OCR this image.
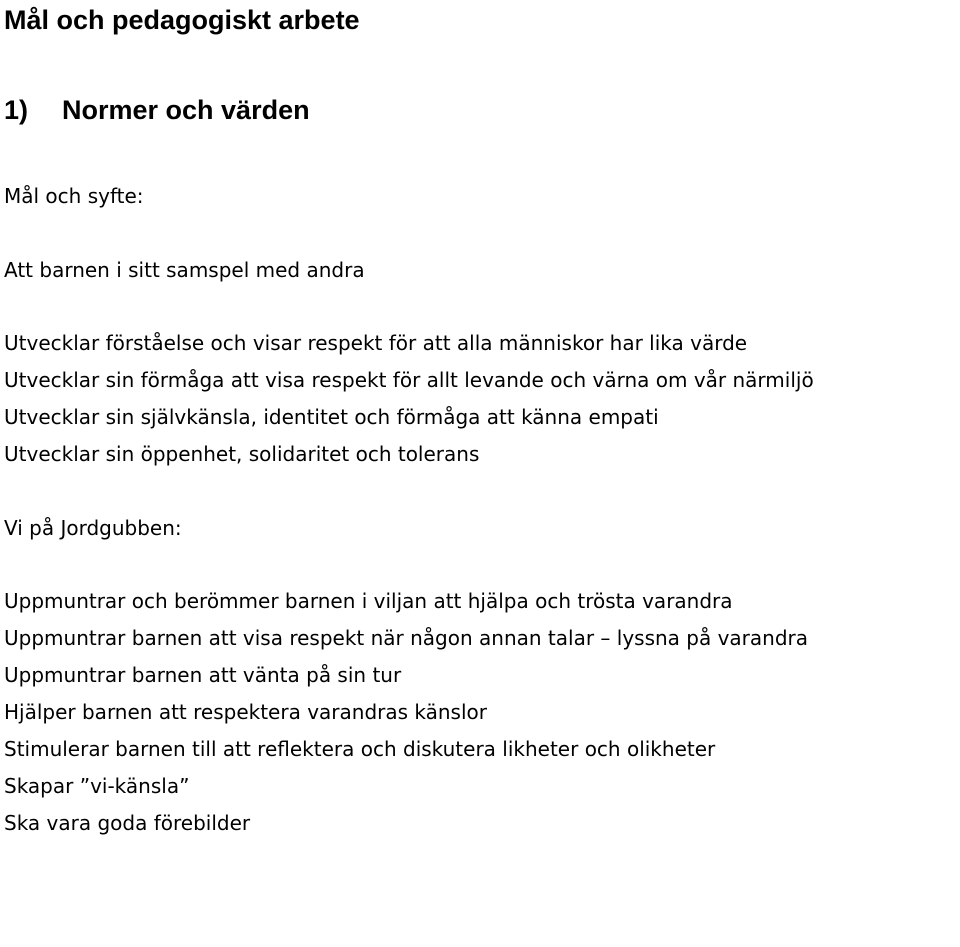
Mål och pedagogiskt arbete
1) Normer och värden

Mål och syfte:

Att barnen i sitt samspel med andra

Utvecklar förståelse och visar respekt för att alla människor har lika värde
Utvecklar sin förmåga att visa respekt för allt levande och värna om vår närmiljö
Utvecklar sin självkänsla, identitet och förmåga att känna empati
Utvecklar sin öppenhet, solidaritet och tolerans

Vi på Jordgubben:

Uppmuntrar och berömmer barnen i viljan att hjälpa och trösta varandra
Uppmuntrar barnen att visa respekt när någon annan talar – lyssna på varandra
Uppmuntrar barnen att vänta på sin tur
Hjälper barnen att respektera varandras känslor
Stimulerar barnen till att reflektera och diskutera likheter och olikheter
Skapar ”vi-känsla”
Ska vara goda förebilder
